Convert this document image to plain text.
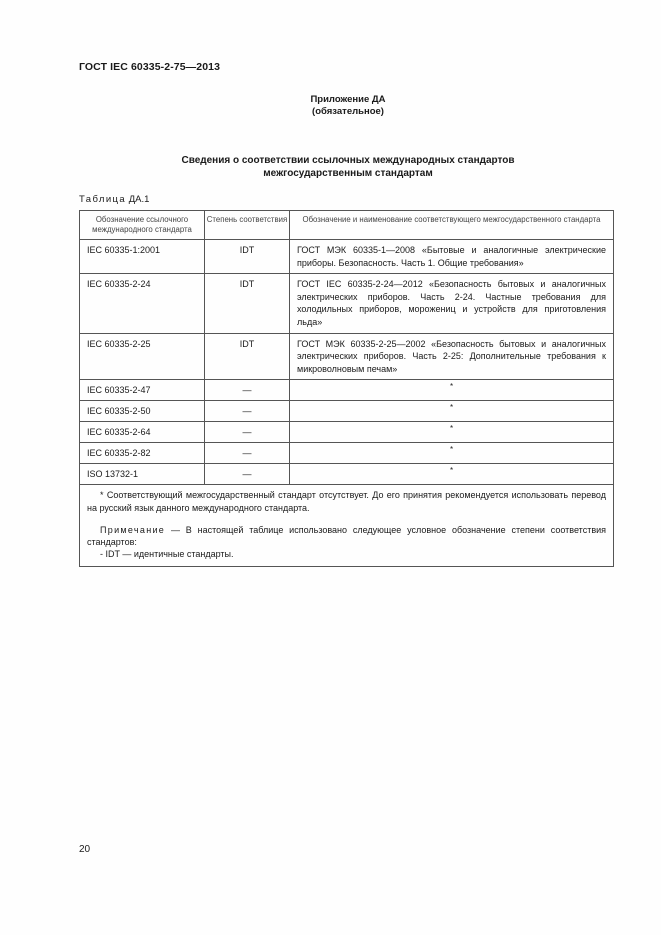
ГОСТ IEC 60335-2-75—2013
Приложение ДА
(обязательное)
Сведения о соответствии ссылочных международных стандартов
межгосударственным стандартам
Таблица ДА.1
Обозначение ссылочного международного стандарта	Степень соответствия	Обозначение и наименование соответствующего межгосударственного стандарта
IEC 60335-1:2001	IDT	ГОСТ МЭК 60335-1—2008 «Бытовые и аналогичные электрические приборы. Безопасность. Часть 1. Общие требования»
IEC 60335-2-24	IDT	ГОСТ IEC 60335-2-24—2012 «Безопасность бытовых и аналогичных электрических приборов. Часть 2-24. Частные требования для холодильных приборов, морожениц и устройств для приготовления льда»
IEC 60335-2-25	IDT	ГОСТ МЭК 60335-2-25—2002 «Безопасность бытовых и аналогичных электрических приборов. Часть 2-25: Дополнительные требования к микроволновым печам»
IEC 60335-2-47	—	*
IEC 60335-2-50	—	*
IEC 60335-2-64	—	*
IEC 60335-2-82	—	*
ISO 13732-1	—	*

* Соответствующий межгосударственный стандарт отсутствует. До его принятия рекомендуется использовать перевод на русский язык данного международного стандарта.

Примечание — В настоящей таблице использовано следующее условное обозначение степени соответствия стандартов:

- IDT — идентичные стандарты.		

20
